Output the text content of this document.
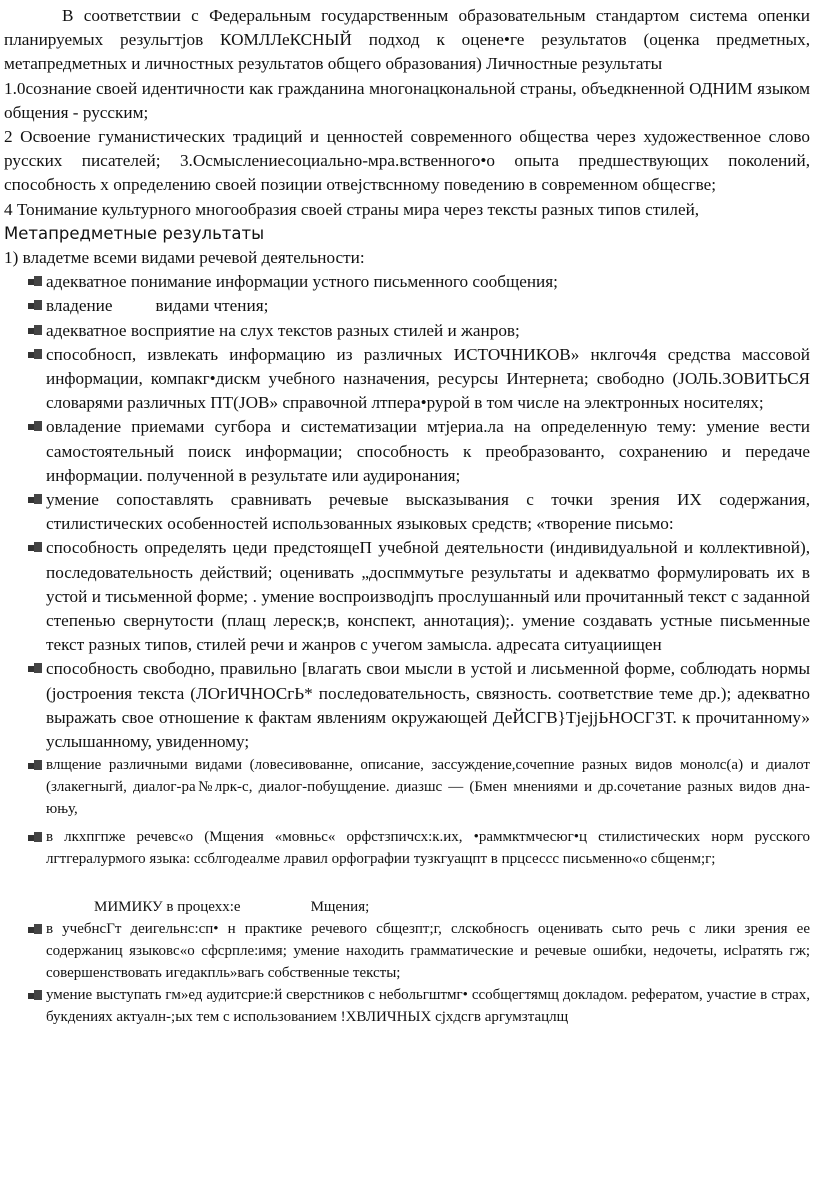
В соответствии с Федеральным государственным образовательным стандартом система опенки планируемых резульгтјов КОМЛЛеКСНЫЙ подход к оцене•ге результатов (оценка предметных, метапредметных и личностных результатов общего образования) Личностные результаты

1.0сознание своей идентичности как гражданина многонацкональной страны, объедкненной ОДНИМ языком общения - русским;

2 Освоение гуманистических традиций и ценностей современного общества через художественное слово русских писателей; 3.Осмыслениесоциально-мра.вственного•о опыта предшествующих поколений, способность х определению своей позиции отвејствснному поведению в современном общесгве;

4 Тонимание культурного многообразия своей страны мира через тексты разных типов стилей,

Метапредметные результаты

1) владетме всеми видами речевой деятельности:

адекватное понимание информации устного письменного сообщения;
владение          видами чтения;
адекватное восприятие на слух текстов разных стилей и жанров;
способносп, извлекать информацию из различных ИСТОЧНИКОВ» нклгоч4я средства массовой информации, компакг•дискм учебного назначения, ресурсы Интернета; свободно (ЈОЛЬ.ЗОВИТЬСЯ словарями различных ПТ(ЈОВ» справочной лтпера•рурой в том числе на электронных носителях;
овладение приемами сугбора и систематизации мтјериа.ла на определенную тему: умение вести самостоятельный поиск информации; способность к преобразованто, сохранению и передаче информации. полученной в результате или аудиронания;
умение сопоставлять сравнивать речевые высказывания с точки зрения ИХ содержания, стилистических особенностей использованных языковых средств; «творение письмо:
способность определять цеди предстоящеП учебной деятельности (индивидуальной и коллективной), последовательность действий; оценивать „доспммутьге результаты и адекватмо формулировать их в устой и тисьменной форме; . умение воспроизводјпъ прослушанный или прочитанный текст с заданной степенью свернутости (плащ лереск;в, конспект, аннотация);. умение создавать устные письменные текст разных типов, стилей речи и жанров с учегом замысла. адресата ситуациищен
способность свободно, правильно [влагать свои мысли в устой и лисьменной форме, соблюдать нормы (јостроения текста (ЛОгИЧНОСгЬ* последовательность, связность. соответствие теме др.); адекватно выражать свое отношение к фактам явлениям окружающей ДеЙСГВ}ТјеjјЬНОСГЗТ. к прочитанному» услышанному, увиденному;
влщение различными видами (ловесивованне, описание, зассуждение,сочепние разных видов монолс(а) и диалот (злакегныгй, диалог-ра№лрк-с, диалог-побущдение. диазшс — (Бмен мнениями и др.сочетание разных видов дна-юњу,
в лкхпгпже речевс«о (Мщения «мовньс« орфстзпичсх:к.их, •раммктмчесюг•ц стилистических норм русского лгтгералурмого языка: ссблгодеалме лравил орфографии тузкгуащпт в прцсессс письменно«о сбщенм;г;

МИМИКУ в процехх:е	Мщения;

в учебнсГт деигельнс:сп• н практике речевого сбщезпт;г, слскобносгь оценивать сыто речь с лики зрения ее содержаниц языковс«о сфсрпле:имя; умение находить грамматические и речевые ошибки, недочеты, иclратять гж; совершенствовать игедакпль»вагь собственные тексты;
умение выступать гм»ед аудитсрие:й сверстников с небольгштмг• ссобщегтямщ докладом. рефератом, участие в страх, букдениях актуалн-;ых тем с использованием !ХВЛИЧНЫХ сјхдсгв аргумзтацлщ
